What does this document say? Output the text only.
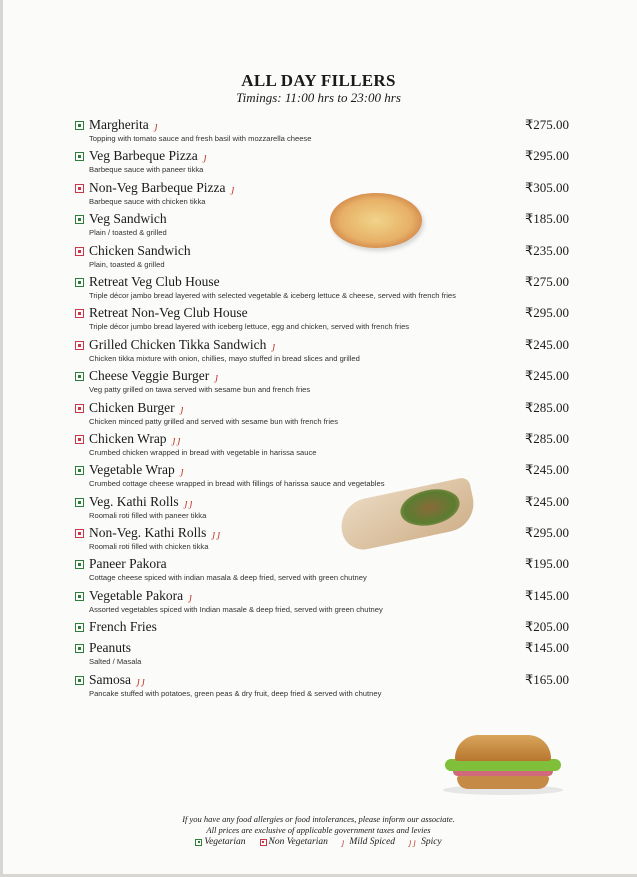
ALL DAY FILLERS
Timings: 11:00 hrs to 23:00 hrs
Margherita ȷ
Topping with tomato sauce and fresh basil with mozzarella cheese
₹275.00
Veg Barbeque Pizza ȷ
Barbeque sauce with paneer tikka
₹295.00
Non-Veg Barbeque Pizza ȷ
Barbeque sauce with chicken tikka
₹305.00
Veg Sandwich
Plain / toasted & grilled
₹185.00
Chicken Sandwich
Plain, toasted & grilled
₹235.00
Retreat Veg Club House
Triple décor jambo bread layered with selected vegetable & iceberg lettuce & cheese, served with french fries
₹275.00
Retreat Non-Veg Club House
Triple décor jumbo bread layered with iceberg lettuce, egg and chicken, served with french fries
₹295.00
Grilled Chicken Tikka Sandwich ȷ
Chicken tikka mixture with onion, chillies, mayo stuffed in bread slices and grilled
₹245.00
Cheese Veggie Burger ȷ
Veg patty grilled on tawa served with sesame bun and french fries
₹245.00
Chicken Burger ȷ
Chicken minced patty grilled and served with sesame bun with french fries
₹285.00
Chicken Wrap ȷȷ
Crumbed chicken wrapped in bread with vegetable in harissa sauce
₹285.00
Vegetable Wrap ȷ
Crumbed cottage cheese wrapped in bread with fillings of harissa sauce and vegetables
₹245.00
Veg. Kathi Rolls ȷȷ
Roomali roti filled with paneer tikka
₹245.00
Non-Veg. Kathi Rolls ȷȷ
Roomali roti filled with chicken tikka
₹295.00
Paneer Pakora
Cottage cheese spiced with indian masala & deep fried, served with green chutney
₹195.00
Vegetable Pakora ȷ
Assorted vegetables spiced with Indian masale & deep fried, served with green chutney
₹145.00
French Fries	₹205.00
Peanuts
Salted / Masala
₹145.00
Samosa ȷȷ
Pancake stuffed with potatoes, green peas & dry fruit, deep fried & served with chutney
₹165.00
If you have any food allergies or food intolerances, please inform our associate.
All prices are exclusive of applicable government taxes and levies
Vegetarian Non Vegetarian ȷ Mild Spiced ȷȷ Spicy
